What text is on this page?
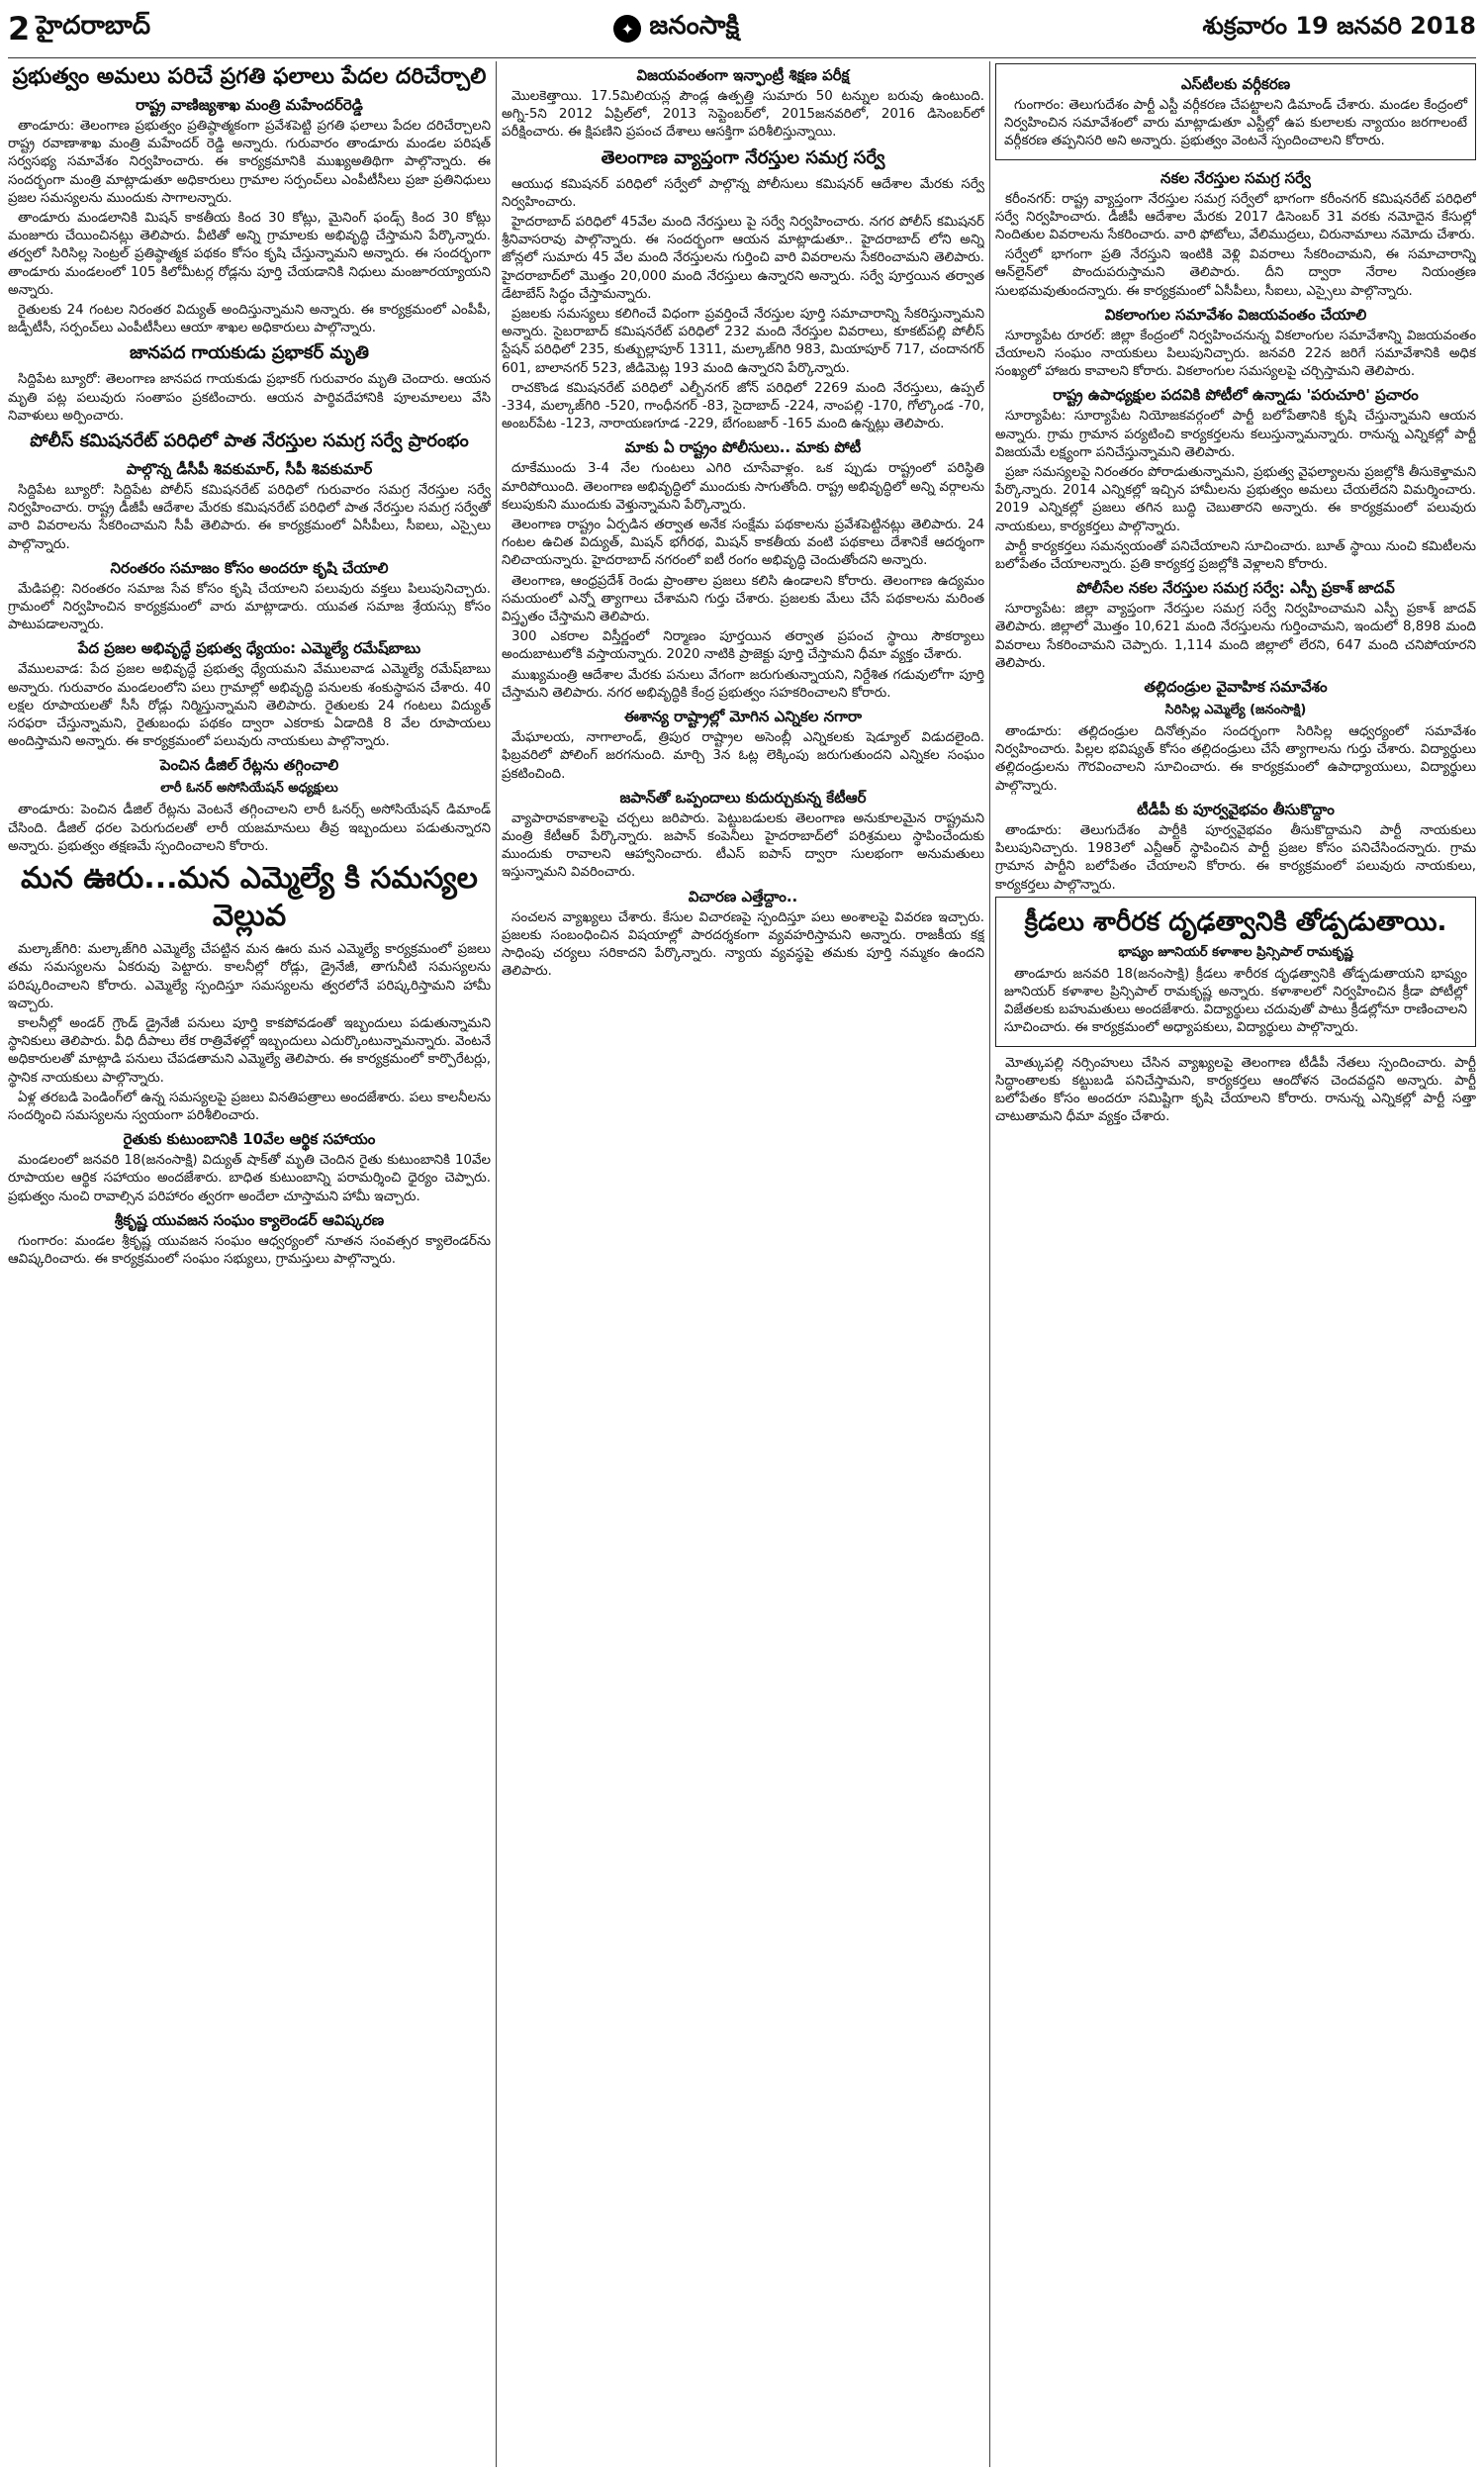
2 హైదరాబాద్	✦ జనంసాక్షి	శుక్రవారం 19 జనవరి 2018
ప్రభుత్వం అమలు పరిచే ప్రగతి ఫలాలు పేదల దరిచేర్చాలి
రాష్ట్ర వాణిజ్యశాఖ మంత్రి మహేందర్‌రెడ్డి

తాండూరు: తెలంగాణ ప్రభుత్వం ప్రతిష్ఠాత్మకంగా ప్రవేశపెట్టి ప్రగతి ఫలాలు పేదల దరిచేర్చాలని రాష్ట్ర రవాణాశాఖ మంత్రి మహేందర్ రెడ్డి అన్నారు. గురువారం తాండూరు మండల పరిషత్ సర్వసభ్య సమావేశం నిర్వహించారు. ఈ కార్యక్రమానికి ముఖ్యఅతిథిగా పాల్గొన్నారు. ఈ సందర్భంగా మంత్రి మాట్లాడుతూ అధికారులు గ్రామాల సర్పంచ్‌లు ఎంపీటీసీలు ప్రజా ప్రతినిధులు ప్రజల సమస్యలను ముందుకు సాగాలన్నారు.

తాండూరు మండలానికి మిషన్ కాకతీయ కింద 30 కోట్లు, మైనింగ్ ఫండ్స్ కింద 30 కోట్లు మంజూరు చేయించినట్లు తెలిపారు. వీటితో అన్ని గ్రామాలకు అభివృద్ధి చేస్తామని పేర్కొన్నారు. తర్వలో సిరిసిల్ల సెంట్రల్ ప్రతిష్ఠాత్మక పథకం కోసం కృషి చేస్తున్నామని అన్నారు. ఈ సందర్భంగా తాండూరు మండలంలో 105 కిలోమీటర్ల రోడ్లను పూర్తి చేయడానికి నిధులు మంజూరయ్యాయని అన్నారు.

రైతులకు 24 గంటల నిరంతర విద్యుత్ అందిస్తున్నామని అన్నారు. ఈ కార్యక్రమంలో ఎంపీపీ, జడ్పీటీసీ, సర్పంచ్‌లు ఎంపీటీసీలు ఆయా శాఖల అధికారులు పాల్గొన్నారు.

జానపద గాయకుడు ప్రభాకర్ మృతి

సిద్దిపేట బ్యూరో: తెలంగాణ జానపద గాయకుడు ప్రభాకర్ గురువారం మృతి చెందారు. ఆయన మృతి పట్ల పలువురు సంతాపం ప్రకటించారు. ఆయన పార్థివదేహానికి పూలమాలలు వేసి నివాళులు అర్పించారు.

పోలీస్ కమిషనరేట్ పరిధిలో పాత నేరస్తుల సమగ్ర సర్వే ప్రారంభం
పాల్గొన్న డీసీపీ శివకుమార్, సీపీ శివకుమార్

సిద్దిపేట బ్యూరో: సిద్దిపేట పోలీస్ కమిషనరేట్ పరిధిలో గురువారం సమగ్ర నేరస్తుల సర్వే నిర్వహించారు. రాష్ట్ర డీజీపీ ఆదేశాల మేరకు కమిషనరేట్ పరిధిలో పాత నేరస్తుల సమగ్ర సర్వేతో వారి వివరాలను సేకరించామని సీపీ తెలిపారు. ఈ కార్యక్రమంలో ఏసీపీలు, సీఐలు, ఎస్సైలు పాల్గొన్నారు.

నిరంతరం సమాజం కోసం అందరూ కృషి చేయాలి

మేడిపల్లి: నిరంతరం సమాజ సేవ కోసం కృషి చేయాలని పలువురు వక్తలు పిలుపునిచ్చారు. గ్రామంలో నిర్వహించిన కార్యక్రమంలో వారు మాట్లాడారు. యువత సమాజ శ్రేయస్సు కోసం పాటుపడాలన్నారు.

పేద ప్రజల అభివృద్ధే ప్రభుత్వ ధ్యేయం: ఎమ్మెల్యే రమేష్‌బాబు

వేములవాడ: పేద ప్రజల అభివృద్ధే ప్రభుత్వ ధ్యేయమని వేములవాడ ఎమ్మెల్యే రమేష్‌బాబు అన్నారు. గురువారం మండలంలోని పలు గ్రామాల్లో అభివృద్ధి పనులకు శంకుస్థాపన చేశారు. 40 లక్షల రూపాయలతో సీసీ రోడ్లు నిర్మిస్తున్నామని తెలిపారు. రైతులకు 24 గంటలు విద్యుత్ సరఫరా చేస్తున్నామని, రైతుబంధు పథకం ద్వారా ఎకరాకు ఏడాదికి 8 వేల రూపాయలు అందిస్తామని అన్నారు. ఈ కార్యక్రమంలో పలువురు నాయకులు పాల్గొన్నారు.

పెంచిన డీజిల్ రేట్లను తగ్గించాలి
లారీ ఓనర్ అసోసియేషన్ అధ్యక్షులు

తాండూరు: పెంచిన డీజిల్ రేట్లను వెంటనే తగ్గించాలని లారీ ఓనర్స్ అసోసియేషన్ డిమాండ్ చేసింది. డీజిల్ ధరల పెరుగుదలతో లారీ యజమానులు తీవ్ర ఇబ్బందులు పడుతున్నారని అన్నారు. ప్రభుత్వం తక్షణమే స్పందించాలని కోరారు.

మన ఊరు...మన ఎమ్మెల్యే కి సమస్యల వెల్లువ

మల్కాజ్‌గిరి: మల్కాజ్‌గిరి ఎమ్మెల్యే చేపట్టిన మన ఊరు మన ఎమ్మెల్యే కార్యక్రమంలో ప్రజలు తమ సమస్యలను ఏకరువు పెట్టారు. కాలనీల్లో రోడ్లు, డ్రైనేజీ, తాగునీటి సమస్యలను పరిష్కరించాలని కోరారు. ఎమ్మెల్యే స్పందిస్తూ సమస్యలను త్వరలోనే పరిష్కరిస్తామని హామీ ఇచ్చారు.

కాలనీల్లో అండర్ గ్రౌండ్ డ్రైనేజీ పనులు పూర్తి కాకపోవడంతో ఇబ్బందులు పడుతున్నామని స్థానికులు తెలిపారు. వీధి దీపాలు లేక రాత్రివేళల్లో ఇబ్బందులు ఎదుర్కొంటున్నామన్నారు. వెంటనే అధికారులతో మాట్లాడి పనులు చేపడతామని ఎమ్మెల్యే తెలిపారు. ఈ కార్యక్రమంలో కార్పొరేటర్లు, స్థానిక నాయకులు పాల్గొన్నారు.

ఏళ్ల తరబడి పెండింగ్‌లో ఉన్న సమస్యలపై ప్రజలు వినతిపత్రాలు అందజేశారు. పలు కాలనీలను సందర్శించి సమస్యలను స్వయంగా పరిశీలించారు.

రైతుకు కుటుంబానికి 10వేల ఆర్థిక సహాయం

మండలంలో జనవరి 18(జనంసాక్షి) విద్యుత్ షాక్‌తో మృతి చెందిన రైతు కుటుంబానికి 10వేల రూపాయల ఆర్థిక సహాయం అందజేశారు. బాధిత కుటుంబాన్ని పరామర్శించి ధైర్యం చెప్పారు. ప్రభుత్వం నుంచి రావాల్సిన పరిహారం త్వరగా అందేలా చూస్తామని హామీ ఇచ్చారు.

శ్రీకృష్ణ యువజన సంఘం క్యాలెండర్ ఆవిష్కరణ

గుంగారం: మండల శ్రీకృష్ణ యువజన సంఘం ఆధ్వర్యంలో నూతన సంవత్సర క్యాలెండర్‌ను ఆవిష్కరించారు. ఈ కార్యక్రమంలో సంఘం సభ్యులు, గ్రామస్తులు పాల్గొన్నారు.

విజయవంతంగా ఇన్ఫాంట్రీ శిక్షణ పరీక్ష

మొలకెత్తాయి. 17.5మిలియన్ల పౌండ్ల ఉత్పత్తి సుమారు 50 టన్నుల బరువు ఉంటుంది. అగ్ని-5ని 2012 ఏప్రిల్‌లో, 2013 సెప్టెంబర్‌లో, 2015జనవరిలో, 2016 డిసెంబర్‌లో పరీక్షించారు. ఈ క్షిపణిని ప్రపంచ దేశాలు ఆసక్తిగా పరిశీలిస్తున్నాయి.

తెలంగాణ వ్యాప్తంగా నేరస్తుల సమగ్ర సర్వే

ఆయుధ కమిషనర్ పరిధిలో సర్వేలో పాల్గొన్న పోలీసులు కమిషనర్ ఆదేశాల మేరకు సర్వే నిర్వహించారు.

హైదరాబాద్ పరిధిలో 45వేల మంది నేరస్తులు పై సర్వే నిర్వహించారు. నగర పోలీస్ కమిషనర్ శ్రీనివాసరావు పాల్గొన్నారు. ఈ సందర్భంగా ఆయన మాట్లాడుతూ.. హైదరాబాద్ లోని అన్ని జోన్లలో సుమారు 45 వేల మంది నేరస్తులను గుర్తించి వారి వివరాలను సేకరించామని తెలిపారు. హైదరాబాద్‌లో మొత్తం 20,000 మంది నేరస్తులు ఉన్నారని అన్నారు. సర్వే పూర్తయిన తర్వాత డేటాబేస్ సిద్ధం చేస్తామన్నారు.

ప్రజలకు సమస్యలు కలిగించే విధంగా ప్రవర్తించే నేరస్తుల పూర్తి సమాచారాన్ని సేకరిస్తున్నామని అన్నారు. సైబరాబాద్ కమిషనరేట్ పరిధిలో 232 మంది నేరస్తుల వివరాలు, కూకట్‌పల్లి పోలీస్ స్టేషన్ పరిధిలో 235, కుత్బుల్లాపూర్ 1311, మల్కాజ్‌గిరి 983, మియాపూర్ 717, చందానగర్ 601, బాలానగర్ 523, జీడిమెట్ల 193 మంది ఉన్నారని పేర్కొన్నారు.

రాచకొండ కమిషనరేట్ పరిధిలో ఎల్బీనగర్ జోన్ పరిధిలో 2269 మంది నేరస్తులు, ఉప్పల్ -334, మల్కాజ్‌గిరి -520, గాంధీనగర్ -83, సైదాబాద్ -224, నాంపల్లి -170, గోల్కొండ -70, అంబర్‌పేట -123, నారాయణగూడ -229, బేగంబజార్ -165 మంది ఉన్నట్లు తెలిపారు.

మాకు ఏ రాష్ట్రం పోలీసులు.. మాకు పోటీ

దూకేముందు 3-4 నేల గుంటలు ఎగిరి చూసేవాళ్లం. ఒక ప్పుడు రాష్ట్రంలో పరిస్థితి మారిపోయింది. తెలంగాణ అభివృద్ధిలో ముందుకు సాగుతోంది. రాష్ట్ర అభివృద్ధిలో అన్ని వర్గాలను కలుపుకుని ముందుకు వెళ్తున్నామని పేర్కొన్నారు.

తెలంగాణ రాష్ట్రం ఏర్పడిన తర్వాత అనేక సంక్షేమ పథకాలను ప్రవేశపెట్టినట్లు తెలిపారు. 24 గంటల ఉచిత విద్యుత్, మిషన్ భగీరథ, మిషన్ కాకతీయ వంటి పథకాలు దేశానికే ఆదర్శంగా నిలిచాయన్నారు. హైదరాబాద్ నగరంలో ఐటీ రంగం అభివృద్ధి చెందుతోందని అన్నారు.

తెలంగాణ, ఆంధ్రప్రదేశ్ రెండు ప్రాంతాల ప్రజలు కలిసి ఉండాలని కోరారు. తెలంగాణ ఉద్యమం సమయంలో ఎన్నో త్యాగాలు చేశామని గుర్తు చేశారు. ప్రజలకు మేలు చేసే పథకాలను మరింత విస్తృతం చేస్తామని తెలిపారు.

300 ఎకరాల విస్తీర్ణంలో నిర్మాణం పూర్తయిన తర్వాత ప్రపంచ స్థాయి సౌకర్యాలు అందుబాటులోకి వస్తాయన్నారు. 2020 నాటికి ప్రాజెక్టు పూర్తి చేస్తామని ధీమా వ్యక్తం చేశారు.

ముఖ్యమంత్రి ఆదేశాల మేరకు పనులు వేగంగా జరుగుతున్నాయని, నిర్దేశిత గడువులోగా పూర్తి చేస్తామని తెలిపారు. నగర అభివృద్ధికి కేంద్ర ప్రభుత్వం సహకరించాలని కోరారు.

ఈశాన్య రాష్ట్రాల్లో మోగిన ఎన్నికల నగారా

మేఘాలయ, నాగాలాండ్, త్రిపుర రాష్ట్రాల అసెంబ్లీ ఎన్నికలకు షెడ్యూల్ విడుదలైంది. ఫిబ్రవరిలో పోలింగ్ జరగనుంది. మార్చి 3న ఓట్ల లెక్కింపు జరుగుతుందని ఎన్నికల సంఘం ప్రకటించింది.

జపాన్‌తో ఒప్పందాలు కుదుర్చుకున్న కేటీఆర్

వ్యాపారావకాశాలపై చర్చలు జరిపారు. పెట్టుబడులకు తెలంగాణ అనుకూలమైన రాష్ట్రమని మంత్రి కేటీఆర్ పేర్కొన్నారు. జపాన్ కంపెనీలు హైదరాబాద్‌లో పరిశ్రమలు స్థాపించేందుకు ముందుకు రావాలని ఆహ్వానించారు. టీఎస్ ఐపాస్ ద్వారా సులభంగా అనుమతులు ఇస్తున్నామని వివరించారు.

విచారణ ఎత్తేద్దాం..

సంచలన వ్యాఖ్యలు చేశారు. కేసుల విచారణపై స్పందిస్తూ పలు అంశాలపై వివరణ ఇచ్చారు. ప్రజలకు సంబంధించిన విషయాల్లో పారదర్శకంగా వ్యవహరిస్తామని అన్నారు. రాజకీయ కక్ష సాధింపు చర్యలు సరికాదని పేర్కొన్నారు. న్యాయ వ్యవస్థపై తమకు పూర్తి నమ్మకం ఉందని తెలిపారు.

ఎస్‌టీలకు వర్గీకరణ

గుంగారం: తెలుగుదేశం పార్టీ ఎస్టీ వర్గీకరణ చేపట్టాలని డిమాండ్ చేశారు. మండల కేంద్రంలో నిర్వహించిన సమావేశంలో వారు మాట్లాడుతూ ఎస్టీల్లో ఉప కులాలకు న్యాయం జరగాలంటే వర్గీకరణ తప్పనిసరి అని అన్నారు. ప్రభుత్వం వెంటనే స్పందించాలని కోరారు.

నకల నేరస్తుల సమగ్ర సర్వే

కరీంనగర్: రాష్ట్ర వ్యాప్తంగా నేరస్తుల సమగ్ర సర్వేలో భాగంగా కరీంనగర్ కమిషనరేట్ పరిధిలో సర్వే నిర్వహించారు. డీజీపీ ఆదేశాల మేరకు 2017 డిసెంబర్ 31 వరకు నమోదైన కేసుల్లో నిందితుల వివరాలను సేకరించారు. వారి ఫోటోలు, వేలిముద్రలు, చిరునామాలు నమోదు చేశారు.

సర్వేలో భాగంగా ప్రతి నేరస్తుని ఇంటికి వెళ్లి వివరాలు సేకరించామని, ఈ సమాచారాన్ని ఆన్‌లైన్‌లో పొందుపరుస్తామని తెలిపారు. దీని ద్వారా నేరాల నియంత్రణ సులభమవుతుందన్నారు. ఈ కార్యక్రమంలో ఏసీపీలు, సీఐలు, ఎస్సైలు పాల్గొన్నారు.

వికలాంగుల సమావేశం విజయవంతం చేయాలి

సూర్యాపేట రూరల్: జిల్లా కేంద్రంలో నిర్వహించనున్న వికలాంగుల సమావేశాన్ని విజయవంతం చేయాలని సంఘం నాయకులు పిలుపునిచ్చారు. జనవరి 22న జరిగే సమావేశానికి అధిక సంఖ్యలో హాజరు కావాలని కోరారు. వికలాంగుల సమస్యలపై చర్చిస్తామని తెలిపారు.

రాష్ట్ర ఉపాధ్యక్షుల పదవికి పోటీలో ఉన్నాడు 'పరుచూరి' ప్రచారం

సూర్యాపేట: సూర్యాపేట నియోజకవర్గంలో పార్టీ బలోపేతానికి కృషి చేస్తున్నామని ఆయన అన్నారు. గ్రామ గ్రామాన పర్యటించి కార్యకర్తలను కలుస్తున్నామన్నారు. రానున్న ఎన్నికల్లో పార్టీ విజయమే లక్ష్యంగా పనిచేస్తున్నామని తెలిపారు.

ప్రజా సమస్యలపై నిరంతరం పోరాడుతున్నామని, ప్రభుత్వ వైఫల్యాలను ప్రజల్లోకి తీసుకెళ్తామని పేర్కొన్నారు. 2014 ఎన్నికల్లో ఇచ్చిన హామీలను ప్రభుత్వం అమలు చేయలేదని విమర్శించారు. 2019 ఎన్నికల్లో ప్రజలు తగిన బుద్ధి చెబుతారని అన్నారు. ఈ కార్యక్రమంలో పలువురు నాయకులు, కార్యకర్తలు పాల్గొన్నారు.

పార్టీ కార్యకర్తలు సమన్వయంతో పనిచేయాలని సూచించారు. బూత్ స్థాయి నుంచి కమిటీలను బలోపేతం చేయాలన్నారు. ప్రతి కార్యకర్త ప్రజల్లోకి వెళ్లాలని కోరారు.

పోలీసేల నకల నేరస్తుల సమగ్ర సర్వే: ఎస్పీ ప్రకాశ్ జాదవ్

సూర్యాపేట: జిల్లా వ్యాప్తంగా నేరస్తుల సమగ్ర సర్వే నిర్వహించామని ఎస్పీ ప్రకాశ్ జాదవ్ తెలిపారు. జిల్లాలో మొత్తం 10,621 మంది నేరస్తులను గుర్తించామని, ఇందులో 8,898 మంది వివరాలు సేకరించామని చెప్పారు. 1,114 మంది జిల్లాలో లేరని, 647 మంది చనిపోయారని తెలిపారు.

తల్లిదండ్రుల వైవాహిక సమావేశం
సిరిసిల్ల ఎమ్మెల్యే (జనంసాక్షి)

తాండూరు: తల్లిదండ్రుల దినోత్సవం సందర్భంగా సిరిసిల్ల ఆధ్వర్యంలో సమావేశం నిర్వహించారు. పిల్లల భవిష్యత్ కోసం తల్లిదండ్రులు చేసే త్యాగాలను గుర్తు చేశారు. విద్యార్థులు తల్లిదండ్రులను గౌరవించాలని సూచించారు. ఈ కార్యక్రమంలో ఉపాధ్యాయులు, విద్యార్థులు పాల్గొన్నారు.

టీడీపీ కు పూర్వవైభవం తీసుకొద్దాం

తాండూరు: తెలుగుదేశం పార్టీకి పూర్వవైభవం తీసుకొద్దామని పార్టీ నాయకులు పిలుపునిచ్చారు. 1983లో ఎన్టీఆర్ స్థాపించిన పార్టీ ప్రజల కోసం పనిచేసిందన్నారు. గ్రామ గ్రామాన పార్టీని బలోపేతం చేయాలని కోరారు. ఈ కార్యక్రమంలో పలువురు నాయకులు, కార్యకర్తలు పాల్గొన్నారు.

క్రీడలు శారీరక దృఢత్వానికి తోడ్పడుతాయి.
భాష్యం జూనియర్ కళాశాల ప్రిన్సిపాల్ రామకృష్ణ

తాండూరు జనవరి 18(జనంసాక్షి) క్రీడలు శారీరక దృఢత్వానికి తోడ్పడుతాయని భాష్యం జూనియర్ కళాశాల ప్రిన్సిపాల్ రామకృష్ణ అన్నారు. కళాశాలలో నిర్వహించిన క్రీడా పోటీల్లో విజేతలకు బహుమతులు అందజేశారు. విద్యార్థులు చదువుతో పాటు క్రీడల్లోనూ రాణించాలని సూచించారు. ఈ కార్యక్రమంలో అధ్యాపకులు, విద్యార్థులు పాల్గొన్నారు.

మోత్కుపల్లి నర్సింహులు చేసిన వ్యాఖ్యలపై తెలంగాణ టీడీపీ నేతలు స్పందించారు. పార్టీ సిద్ధాంతాలకు కట్టుబడి పనిచేస్తామని, కార్యకర్తలు ఆందోళన చెందవద్దని అన్నారు. పార్టీ బలోపేతం కోసం అందరూ సమిష్టిగా కృషి చేయాలని కోరారు. రానున్న ఎన్నికల్లో పార్టీ సత్తా చాటుతామని ధీమా వ్యక్తం చేశారు.
